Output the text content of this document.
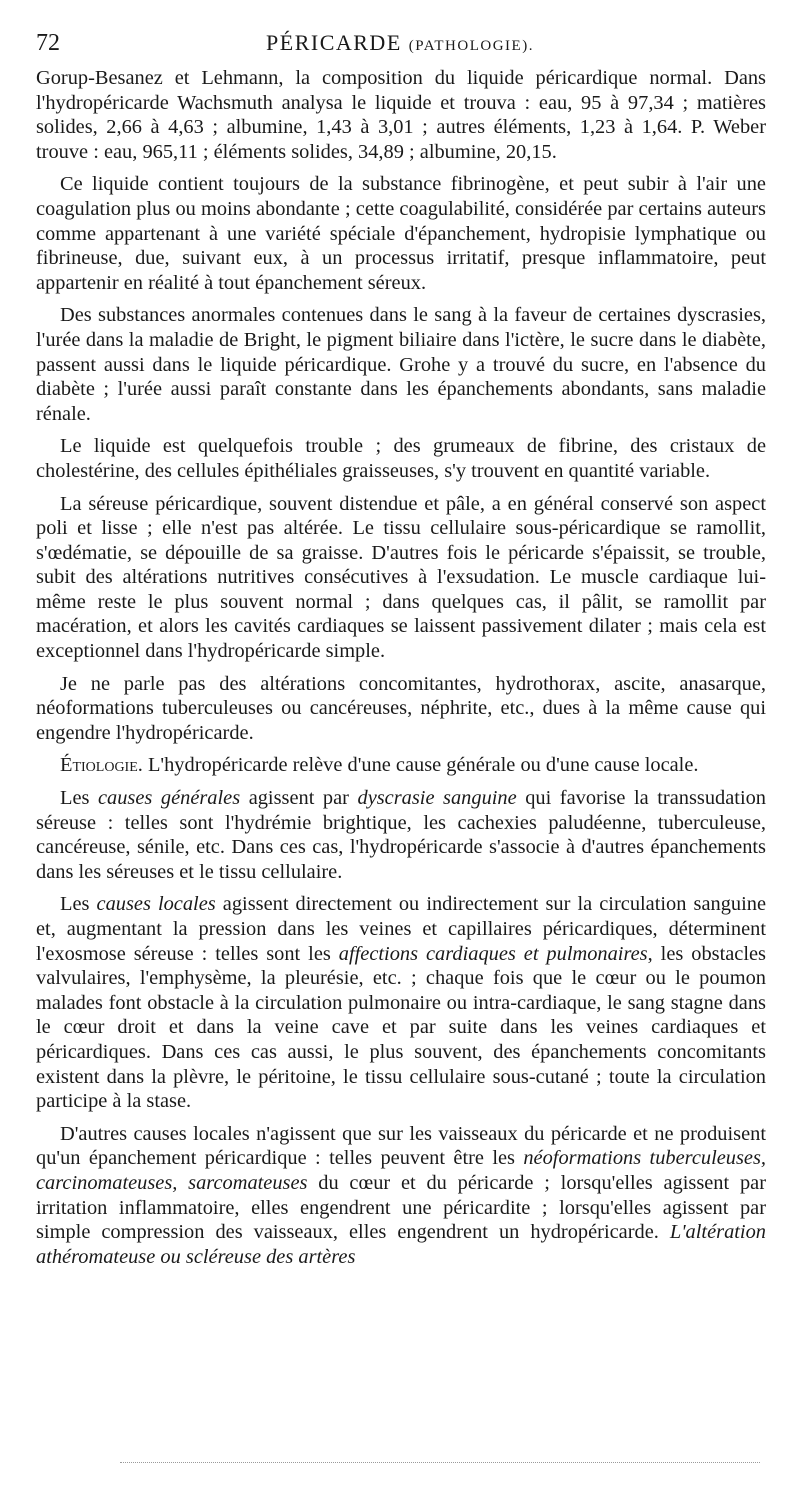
72	PÉRICARDE (PATHOLOGIE).

Gorup-Besanez et Lehmann, la composition du liquide péricardique normal. Dans l'hydropéricarde Wachsmuth analysa le liquide et trouva : eau, 95 à 97,34 ; matières solides, 2,66 à 4,63 ; albumine, 1,43 à 3,01 ; autres éléments, 1,23 à 1,64. P. Weber trouve : eau, 965,11 ; éléments solides, 34,89 ; albumine, 20,15.

Ce liquide contient toujours de la substance fibrinogène, et peut subir à l'air une coagulation plus ou moins abondante ; cette coagulabilité, considérée par certains auteurs comme appartenant à une variété spéciale d'épanchement, hydropisie lymphatique ou fibrineuse, due, suivant eux, à un processus irritatif, presque inflammatoire, peut appartenir en réalité à tout épanchement séreux.

Des substances anormales contenues dans le sang à la faveur de certaines dyscrasies, l'urée dans la maladie de Bright, le pigment biliaire dans l'ictère, le sucre dans le diabète, passent aussi dans le liquide péricardique. Grohe y a trouvé du sucre, en l'absence du diabète ; l'urée aussi paraît constante dans les épanchements abondants, sans maladie rénale.

Le liquide est quelquefois trouble ; des grumeaux de fibrine, des cristaux de cholestérine, des cellules épithéliales graisseuses, s'y trouvent en quantité variable.

La séreuse péricardique, souvent distendue et pâle, a en général conservé son aspect poli et lisse ; elle n'est pas altérée. Le tissu cellulaire sous-péricardique se ramollit, s'œdématie, se dépouille de sa graisse. D'autres fois le péricarde s'épaissit, se trouble, subit des altérations nutritives consécutives à l'exsudation. Le muscle cardiaque lui-même reste le plus souvent normal ; dans quelques cas, il pâlit, se ramollit par macération, et alors les cavités cardiaques se laissent passivement dilater ; mais cela est exceptionnel dans l'hydropéricarde simple.

Je ne parle pas des altérations concomitantes, hydrothorax, ascite, anasarque, néoformations tuberculeuses ou cancéreuses, néphrite, etc., dues à la même cause qui engendre l'hydropéricarde.

Étiologie. L'hydropéricarde relève d'une cause générale ou d'une cause locale.

Les causes générales agissent par dyscrasie sanguine qui favorise la transsudation séreuse : telles sont l'hydrémie brightique, les cachexies paludéenne, tuberculeuse, cancéreuse, sénile, etc. Dans ces cas, l'hydropéricarde s'associe à d'autres épanchements dans les séreuses et le tissu cellulaire.

Les causes locales agissent directement ou indirectement sur la circulation sanguine et, augmentant la pression dans les veines et capillaires péricardiques, déterminent l'exosmose séreuse : telles sont les affections cardiaques et pulmonaires, les obstacles valvulaires, l'emphysème, la pleurésie, etc. ; chaque fois que le cœur ou le poumon malades font obstacle à la circulation pulmonaire ou intra-cardiaque, le sang stagne dans le cœur droit et dans la veine cave et par suite dans les veines cardiaques et péricardiques. Dans ces cas aussi, le plus souvent, des épanchements concomitants existent dans la plèvre, le péritoine, le tissu cellulaire sous-cutané ; toute la circulation participe à la stase.

D'autres causes locales n'agissent que sur les vaisseaux du péricarde et ne produisent qu'un épanchement péricardique : telles peuvent être les néoformations tuberculeuses, carcinomateuses, sarcomateuses du cœur et du péricarde ; lorsqu'elles agissent par irritation inflammatoire, elles engendrent une péricardite ; lorsqu'elles agissent par simple compression des vaisseaux, elles engendrent un hydropéricarde. L'altération athéromateuse ou scléreuse des artères
